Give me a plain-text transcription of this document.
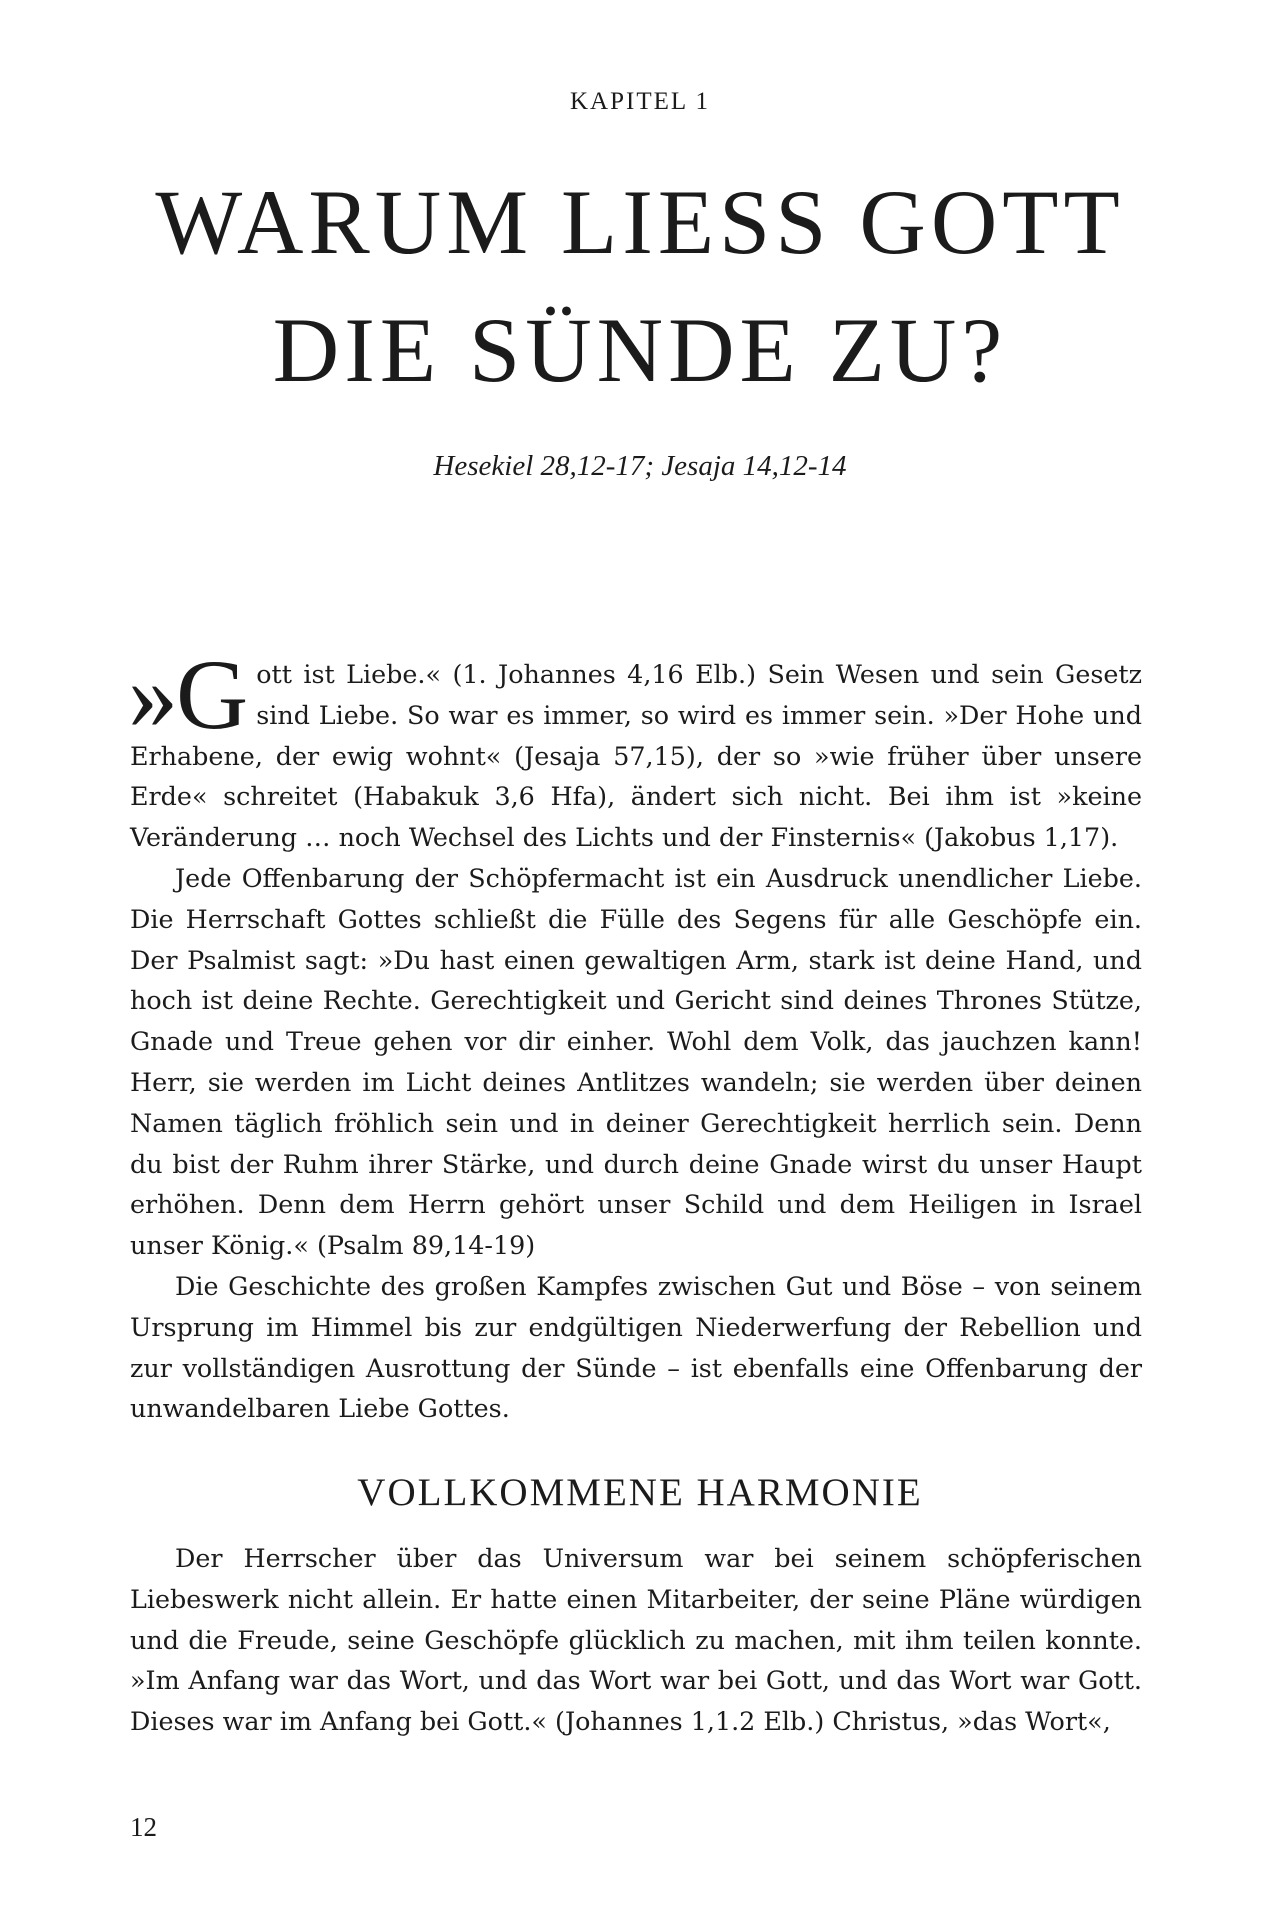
KAPITEL 1
WARUM LIESS GOTT
DIE SÜNDE ZU?
Hesekiel 28,12-17; Jesaja 14,12-14

»G ott ist Liebe.« (1. Johannes 4,16 Elb.) Sein Wesen und sein Gesetz sind Liebe. So war es immer, so wird es immer sein. »Der Hohe und Erhabene, der ewig wohnt« (Jesaja 57,15), der so »wie früher über unsere Erde« schreitet (Habakuk 3,6 Hfa), ändert sich nicht. Bei ihm ist »keine Veränderung … noch Wechsel des Lichts und der Finsternis« (Jakobus 1,17).

Jede Offenbarung der Schöpfermacht ist ein Ausdruck unendlicher Liebe. Die Herrschaft Gottes schließt die Fülle des Segens für alle Geschöpfe ein. Der Psalmist sagt: »Du hast einen gewaltigen Arm, stark ist deine Hand, und hoch ist deine Rechte. Gerechtigkeit und Gericht sind deines Thrones Stütze, Gnade und Treue gehen vor dir einher. Wohl dem Volk, das jauchzen kann! Herr, sie werden im Licht deines Antlitzes wandeln; sie werden über deinen Namen täglich fröhlich sein und in deiner Gerechtigkeit herrlich sein. Denn du bist der Ruhm ihrer Stärke, und durch deine Gnade wirst du unser Haupt erhöhen. Denn dem Herrn gehört unser Schild und dem Heiligen in Israel unser König.« (Psalm 89,14-19)

Die Geschichte des großen Kampfes zwischen Gut und Böse – von seinem Ursprung im Himmel bis zur endgültigen Niederwerfung der Rebellion und zur vollständigen Ausrottung der Sünde – ist ebenfalls eine Offenbarung der unwandelbaren Liebe Gottes.

VOLLKOMMENE HARMONIE

Der Herrscher über das Universum war bei seinem schöpferischen Liebeswerk nicht allein. Er hatte einen Mitarbeiter, der seine Pläne würdigen und die Freude, seine Geschöpfe glücklich zu machen, mit ihm teilen konnte. »Im Anfang war das Wort, und das Wort war bei Gott, und das Wort war Gott. Dieses war im Anfang bei Gott.« (Johannes 1,1.2 Elb.) Christus, »das Wort«,

12
